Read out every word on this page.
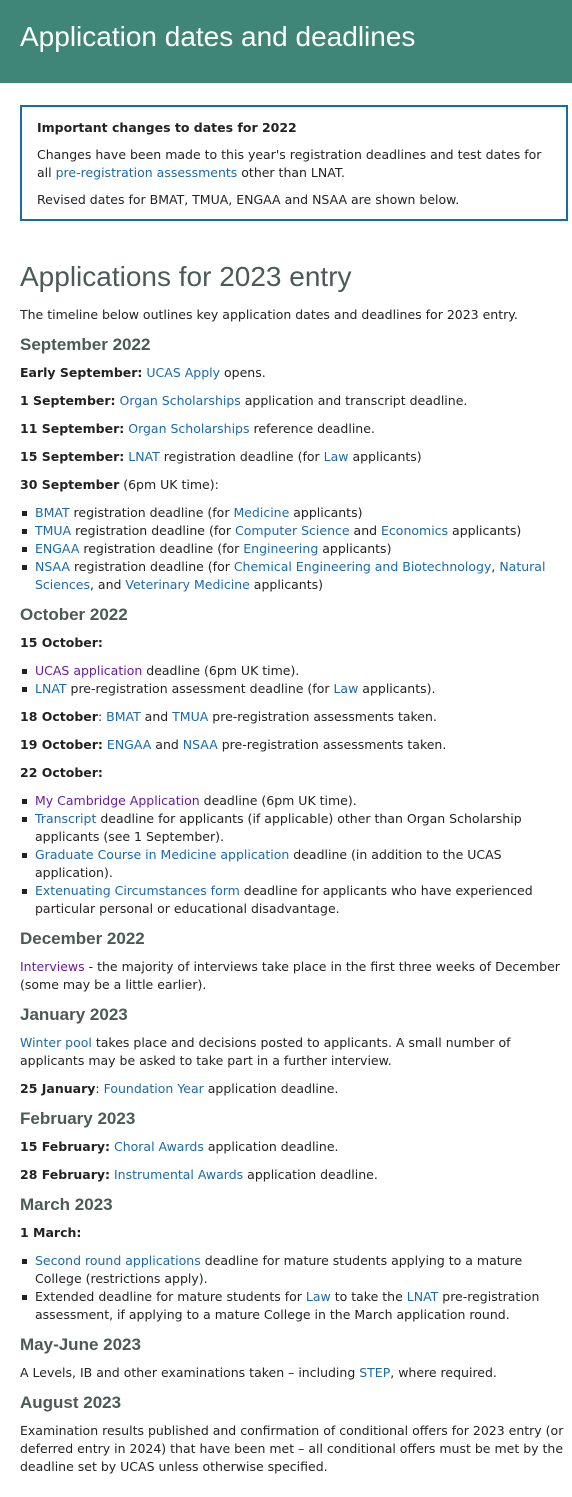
Application dates and deadlines
Important changes to dates for 2022

Changes have been made to this year's registration deadlines and test dates for all pre-registration assessments other than LNAT.

Revised dates for BMAT, TMUA, ENGAA and NSAA are shown below.

Applications for 2023 entry

The timeline below outlines key application dates and deadlines for 2023 entry.

September 2022

Early September: UCAS Apply opens.

1 September: Organ Scholarships application and transcript deadline.

11 September: Organ Scholarships reference deadline.

15 September: LNAT registration deadline (for Law applicants)

30 September (6pm UK time):

BMAT registration deadline (for Medicine applicants)
TMUA registration deadline (for Computer Science and Economics applicants)
ENGAA registration deadline (for Engineering applicants)
NSAA registration deadline (for Chemical Engineering and Biotechnology, Natural Sciences, and Veterinary Medicine applicants)
October 2022

15 October:

UCAS application deadline (6pm UK time).
LNAT pre-registration assessment deadline (for Law applicants).

18 October: BMAT and TMUA pre-registration assessments taken.

19 October: ENGAA and NSAA pre-registration assessments taken.

22 October:

My Cambridge Application deadline (6pm UK time).
Transcript deadline for applicants (if applicable) other than Organ Scholarship applicants (see 1 September).
Graduate Course in Medicine application deadline (in addition to the UCAS application).
Extenuating Circumstances form deadline for applicants who have experienced particular personal or educational disadvantage.
December 2022

Interviews - the majority of interviews take place in the first three weeks of December (some may be a little earlier).

January 2023

Winter pool takes place and decisions posted to applicants. A small number of applicants may be asked to take part in a further interview.

25 January: Foundation Year application deadline.

February 2023

15 February: Choral Awards application deadline.

28 February: Instrumental Awards application deadline.

March 2023

1 March:

Second round applications deadline for mature students applying to a mature College (restrictions apply).
Extended deadline for mature students for Law to take the LNAT pre-registration assessment, if applying to a mature College in the March application round.
May-June 2023

A Levels, IB and other examinations taken – including STEP, where required.

August 2023

Examination results published and confirmation of conditional offers for 2023 entry (or deferred entry in 2024) that have been met – all conditional offers must be met by the deadline set by UCAS unless otherwise specified.
